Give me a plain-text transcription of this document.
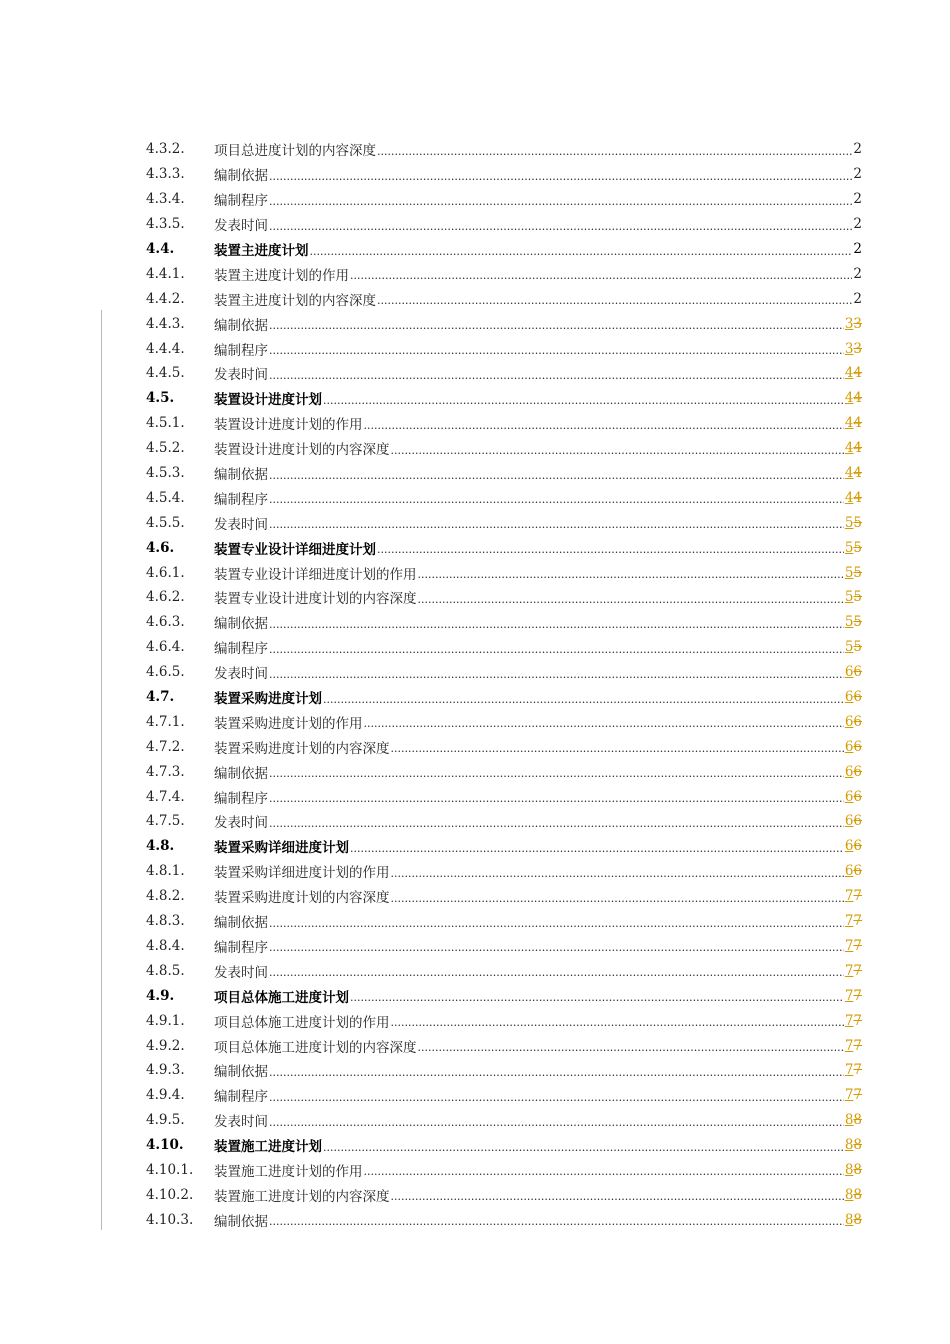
4.3.2.	项目总进度计划的内容深度 .....	2
4.3.3.	编制依据 .....	2
4.3.4.	编制程序 .....	2
4.3.5.	发表时间 .....	2
4.4.	装置主进度计划 .....	2
4.4.1.	装置主进度计划的作用 .....	2
4.4.2.	装置主进度计划的内容深度 .....	2
4.4.3.	编制依据 .....	33
4.4.4.	编制程序 .....	33
4.4.5.	发表时间 .....	44
4.5.	装置设计进度计划 .....	44
4.5.1.	装置设计进度计划的作用 .....	44
4.5.2.	装置设计进度计划的内容深度 .....	44
4.5.3.	编制依据 .....	44
4.5.4.	编制程序 .....	44
4.5.5.	发表时间 .....	55
4.6.	装置专业设计详细进度计划 .....	55
4.6.1.	装置专业设计详细进度计划的作用 .....	55
4.6.2.	装置专业设计进度计划的内容深度 .....	55
4.6.3.	编制依据 .....	55
4.6.4.	编制程序 .....	55
4.6.5.	发表时间 .....	66
4.7.	装置采购进度计划 .....	66
4.7.1.	装置采购进度计划的作用 .....	66
4.7.2.	装置采购进度计划的内容深度 .....	66
4.7.3.	编制依据 .....	66
4.7.4.	编制程序 .....	66
4.7.5.	发表时间 .....	66
4.8.	装置采购详细进度计划 .....	66
4.8.1.	装置采购详细进度计划的作用 .....	66
4.8.2.	装置采购进度计划的内容深度 .....	77
4.8.3.	编制依据 .....	77
4.8.4.	编制程序 .....	77
4.8.5.	发表时间 .....	77
4.9.	项目总体施工进度计划 .....	77
4.9.1.	项目总体施工进度计划的作用 .....	77
4.9.2.	项目总体施工进度计划的内容深度 .....	77
4.9.3.	编制依据 .....	77
4.9.4.	编制程序 .....	77
4.9.5.	发表时间 .....	88
4.10.	装置施工进度计划 .....	88
4.10.1.	装置施工进度计划的作用 .....	88
4.10.2.	装置施工进度计划的内容深度 .....	88
4.10.3.	编制依据 .....	88
